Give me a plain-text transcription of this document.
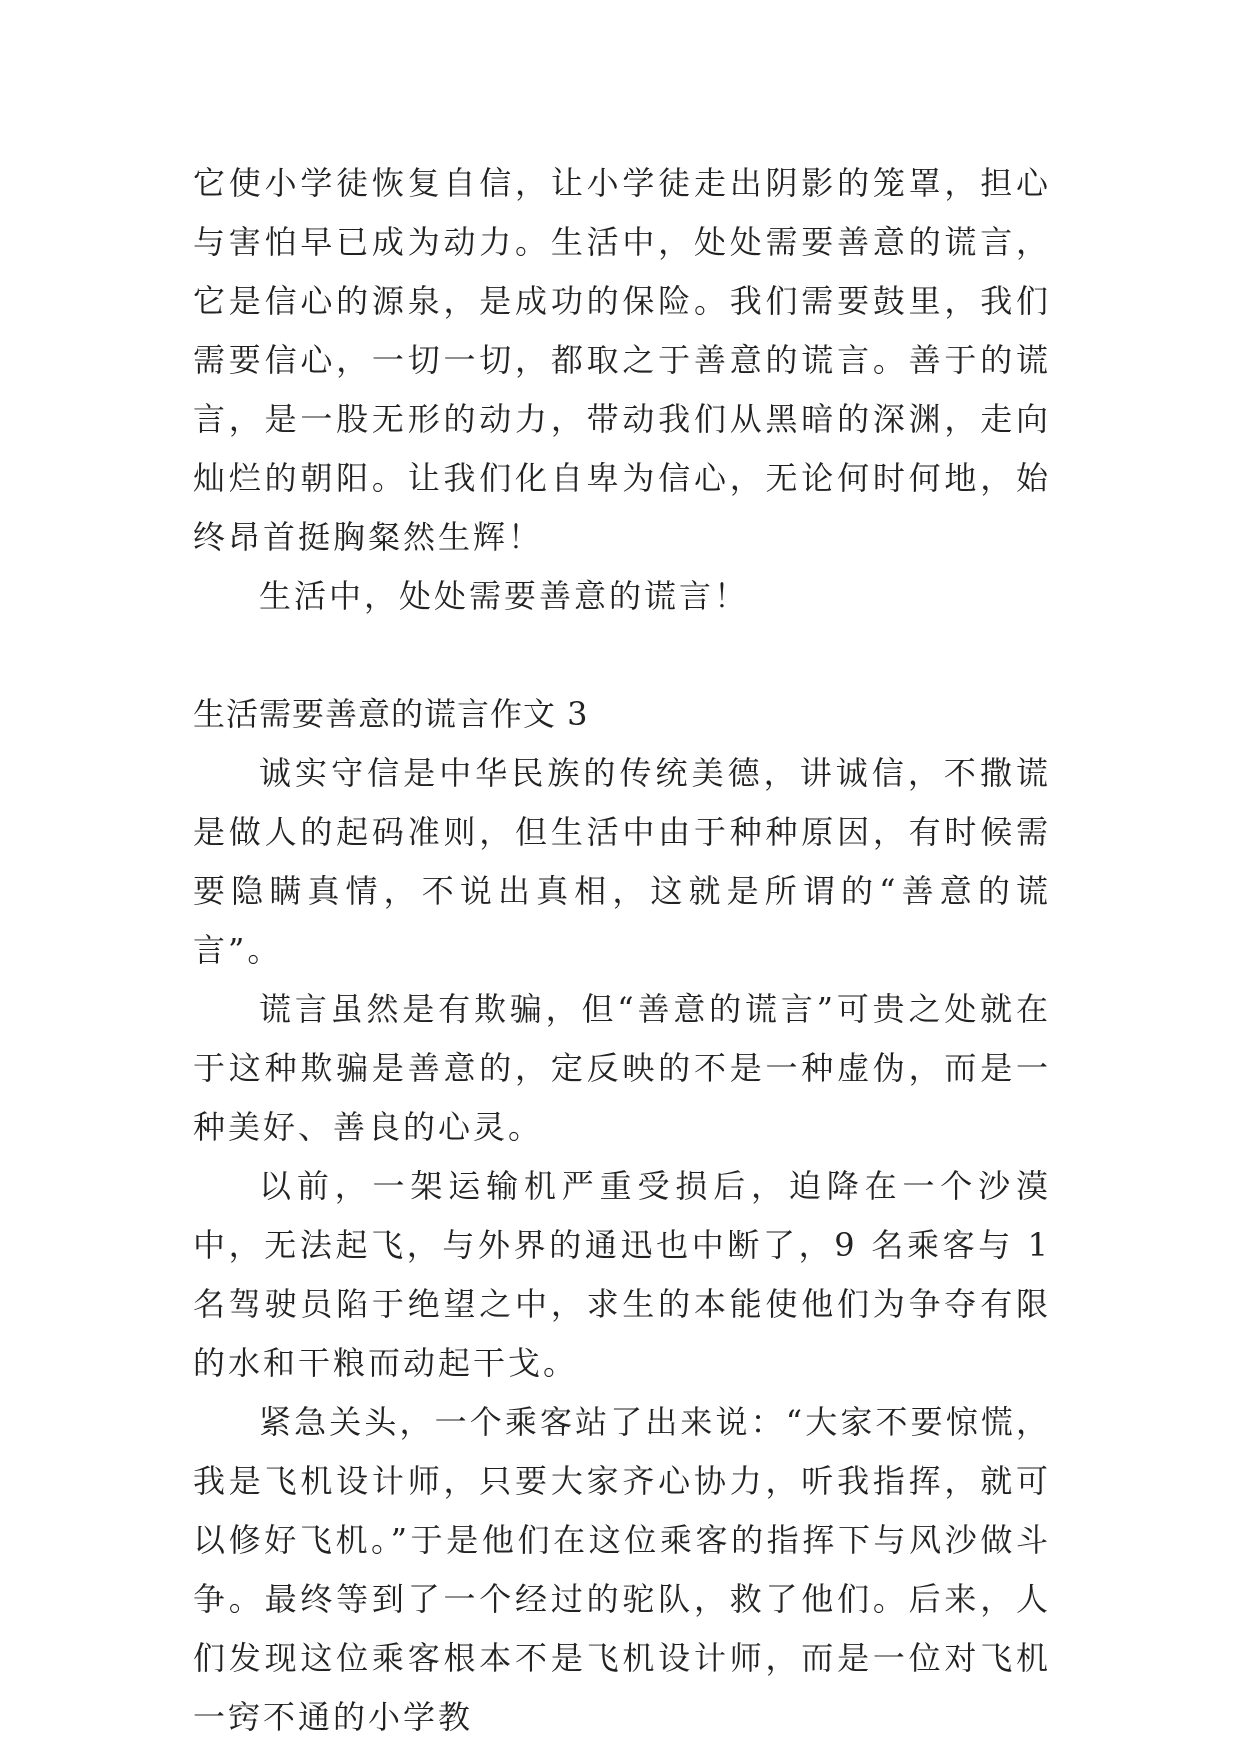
它使小学徒恢复自信，让小学徒走出阴影的笼罩，担心与害怕早已成为动力。生活中，处处需要善意的谎言，它是信心的源泉，是成功的保险。我们需要鼓里，我们需要信心，一切一切，都取之于善意的谎言。善于的谎言，是一股无形的动力，带动我们从黑暗的深渊，走向灿烂的朝阳。让我们化自卑为信心，无论何时何地，始终昂首挺胸粲然生辉！

生活中，处处需要善意的谎言！

生活需要善意的谎言作文 3

诚实守信是中华民族的传统美德，讲诚信，不撒谎是做人的起码准则，但生活中由于种种原因，有时候需要隐瞒真情，不说出真相，这就是所谓的“善意的谎言”。

谎言虽然是有欺骗，但“善意的谎言”可贵之处就在于这种欺骗是善意的，定反映的不是一种虚伪，而是一种美好、善良的心灵。

以前，一架运输机严重受损后，迫降在一个沙漠中，无法起飞，与外界的通迅也中断了，9 名乘客与 1 名驾驶员陷于绝望之中，求生的本能使他们为争夺有限的水和干粮而动起干戈。

紧急关头，一个乘客站了出来说：“大家不要惊慌，我是飞机设计师，只要大家齐心协力，听我指挥，就可以修好飞机。”于是他们在这位乘客的指挥下与风沙做斗争。最终等到了一个经过的驼队，救了他们。后来，人们发现这位乘客根本不是飞机设计师，而是一位对飞机一窍不通的小学教
